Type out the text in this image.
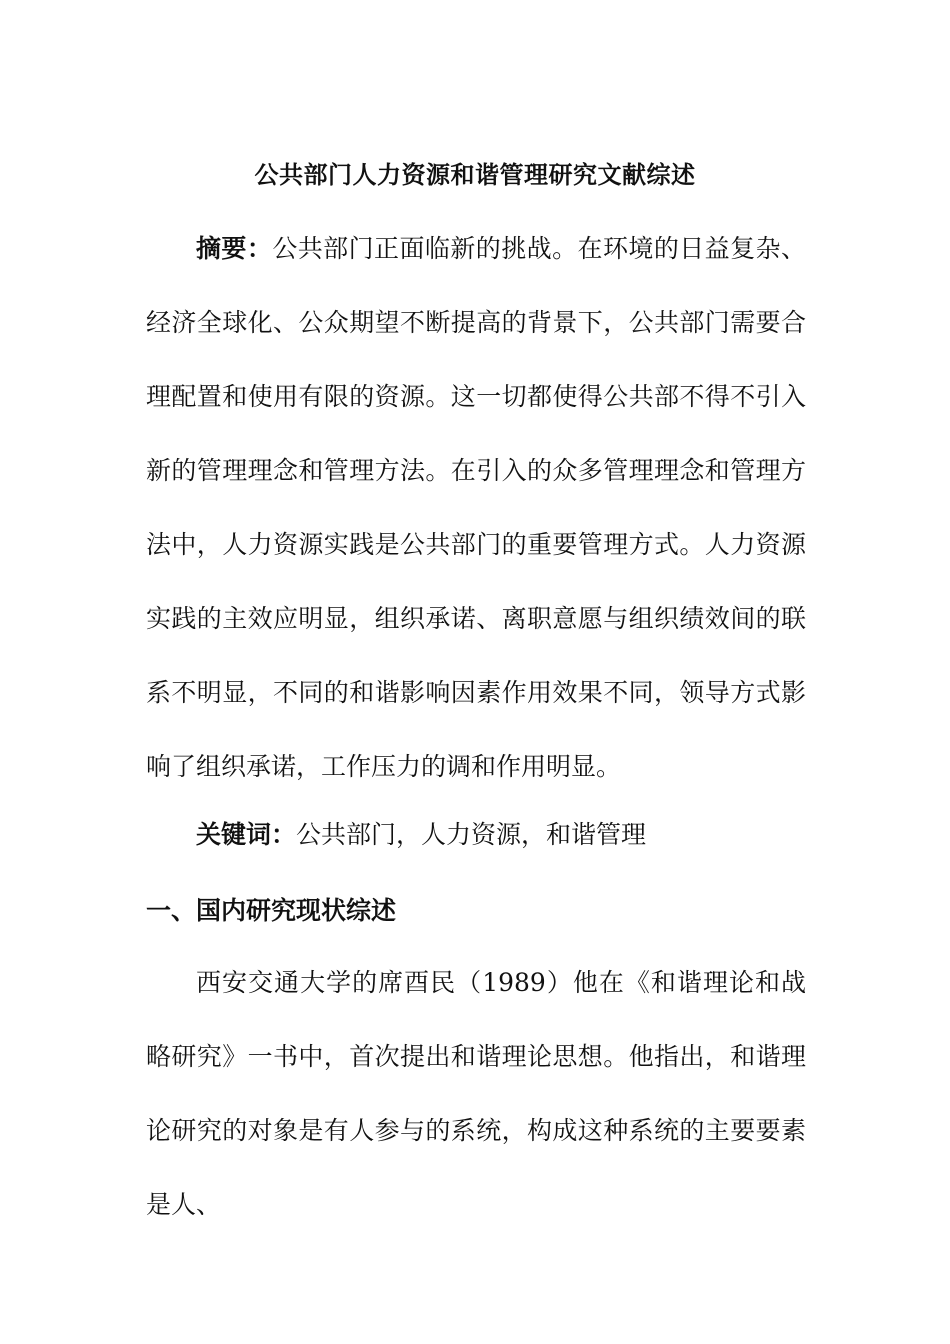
公共部门人力资源和谐管理研究文献综述

摘要：公共部门正面临新的挑战。在环境的日益复杂、经济全球化、公众期望不断提高的背景下，公共部门需要合理配置和使用有限的资源。这一切都使得公共部不得不引入新的管理理念和管理方法。在引入的众多管理理念和管理方法中，人力资源实践是公共部门的重要管理方式。人力资源实践的主效应明显，组织承诺、离职意愿与组织绩效间的联系不明显，不同的和谐影响因素作用效果不同，领导方式影响了组织承诺，工作压力的调和作用明显。

关键词：公共部门，人力资源，和谐管理

一、国内研究现状综述

西安交通大学的席酉民（1989）他在《和谐理论和战略研究》一书中，首次提出和谐理论思想。他指出，和谐理论研究的对象是有人参与的系统，构成这种系统的主要要素是人、
